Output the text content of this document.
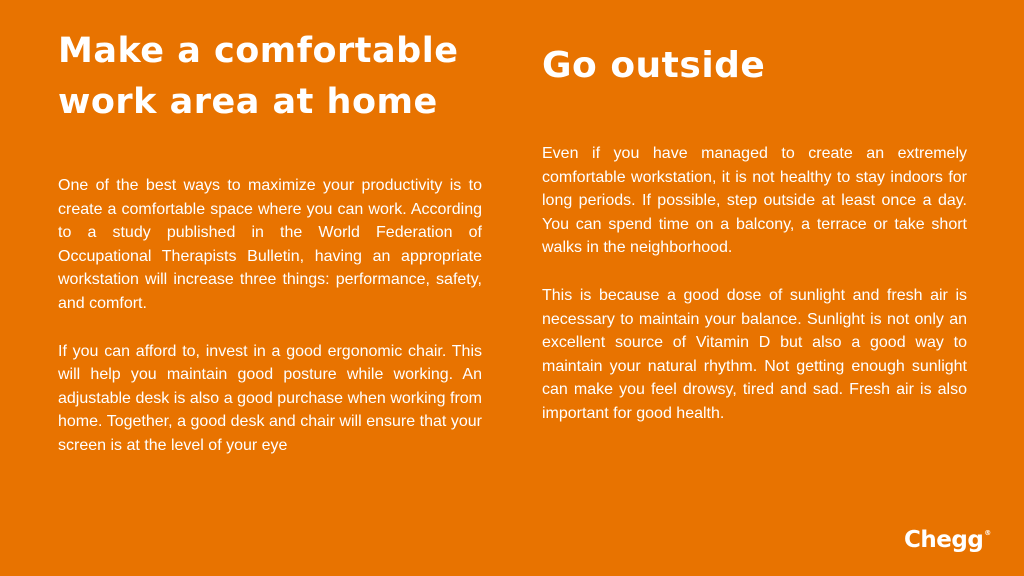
Make a comfortable work area at home

One of the best ways to maximize your productivity is to create a comfortable space where you can work. According to a study published in the World Federation of Occupational Therapists Bulletin, having an appropriate workstation will increase three things: performance, safety, and comfort.

If you can afford to, invest in a good ergonomic chair. This will help you maintain good posture while working. An adjustable desk is also a good purchase when working from home. Together, a good desk and chair will ensure that your screen is at the level of your eye

Go outside

Even if you have managed to create an extremely comfortable workstation, it is not healthy to stay indoors for long periods. If possible, step outside at least once a day. You can spend time on a balcony, a terrace or take short walks in the neighborhood.

This is because a good dose of sunlight and fresh air is necessary to maintain your balance. Sunlight is not only an excellent source of Vitamin D but also a good way to maintain your natural rhythm. Not getting enough sunlight can make you feel drowsy, tired and sad. Fresh air is also important for good health.

Chegg®
